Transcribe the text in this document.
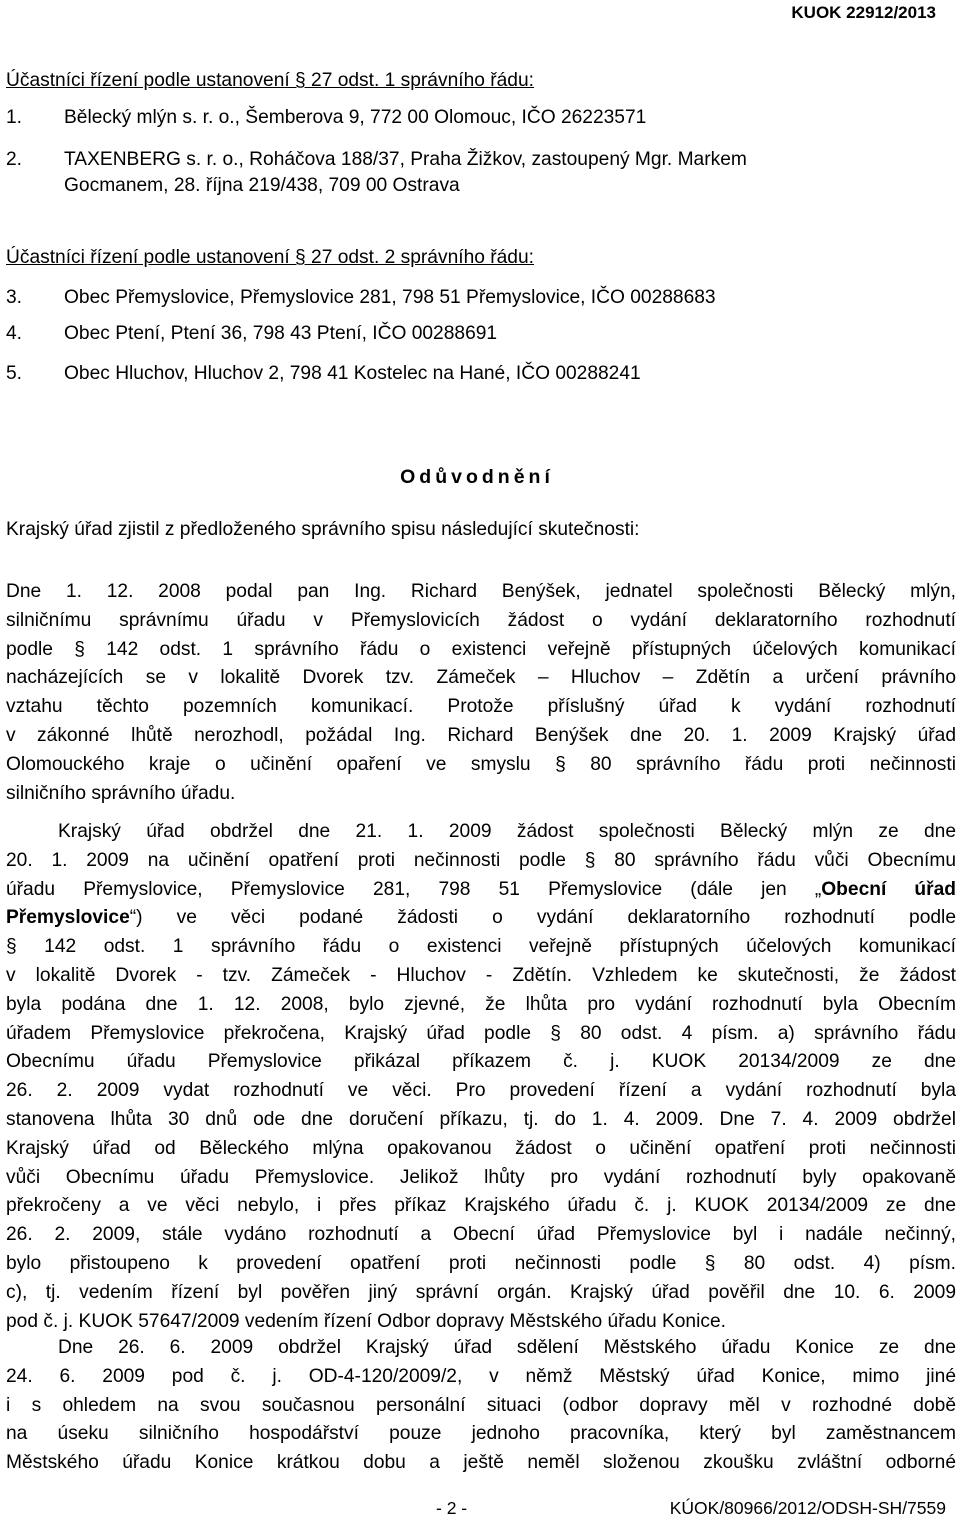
KUOK 22912/2013
Účastníci řízení podle ustanovení § 27 odst. 1 správního řádu:
1. Bělecký mlýn s. r. o., Šemberova 9, 772 00 Olomouc, IČO 26223571
2. TAXENBERG s. r. o., Roháčova 188/37, Praha Žižkov, zastoupený Mgr. Markem
Gocmanem, 28. října 219/438, 709 00 Ostrava
Účastníci řízení podle ustanovení § 27 odst. 2 správního řádu:
3. Obec Přemyslovice, Přemyslovice 281, 798 51 Přemyslovice, IČO 00288683
4. Obec Ptení, Ptení 36, 798 43 Ptení, IČO 00288691
5. Obec Hluchov, Hluchov 2, 798 41 Kostelec na Hané, IČO 00288241
Odůvodnění
Krajský úřad zjistil z předloženého správního spisu následující skutečnosti:
Dne 1. 12. 2008 podal pan Ing. Richard Benýšek, jednatel společnosti Bělecký mlýn,
silničnímu správnímu úřadu v Přemyslovicích žádost o vydání deklaratorního rozhodnutí
podle § 142 odst. 1 správního řádu o existenci veřejně přístupných účelových komunikací
nacházejících se v lokalitě Dvorek tzv. Zámeček – Hluchov – Zdětín a určení právního
vztahu těchto pozemních komunikací. Protože příslušný úřad k vydání rozhodnutí
v zákonné lhůtě nerozhodl, požádal Ing. Richard Benýšek dne 20. 1. 2009 Krajský úřad
Olomouckého kraje o učinění opaření ve smyslu § 80 správního řádu proti nečinnosti
silničního správního úřadu.
Krajský úřad obdržel dne 21. 1. 2009 žádost společnosti Bělecký mlýn ze dne
20. 1. 2009 na učinění opatření proti nečinnosti podle § 80 správního řádu vůči Obecnímu
úřadu Přemyslovice, Přemyslovice 281, 798 51 Přemyslovice (dále jen „Obecní úřad
Přemyslovice“) ve věci podané žádosti o vydání deklaratorního rozhodnutí podle
§ 142 odst. 1 správního řádu o existenci veřejně přístupných účelových komunikací
v lokalitě Dvorek - tzv. Zámeček - Hluchov - Zdětín. Vzhledem ke skutečnosti, že žádost
byla podána dne 1. 12. 2008, bylo zjevné, že lhůta pro vydání rozhodnutí byla Obecním
úřadem Přemyslovice překročena, Krajský úřad podle § 80 odst. 4 písm. a) správního řádu
Obecnímu úřadu Přemyslovice přikázal příkazem č. j. KUOK 20134/2009 ze dne
26. 2. 2009 vydat rozhodnutí ve věci. Pro provedení řízení a vydání rozhodnutí byla
stanovena lhůta 30 dnů ode dne doručení příkazu, tj. do 1. 4. 2009. Dne 7. 4. 2009 obdržel
Krajský úřad od Běleckého mlýna opakovanou žádost o učinění opatření proti nečinnosti
vůči Obecnímu úřadu Přemyslovice. Jelikož lhůty pro vydání rozhodnutí byly opakovaně
překročeny a ve věci nebylo, i přes příkaz Krajského úřadu č. j. KUOK 20134/2009 ze dne
26. 2. 2009, stále vydáno rozhodnutí a Obecní úřad Přemyslovice byl i nadále nečinný,
bylo přistoupeno k provedení opatření proti nečinnosti podle § 80 odst. 4) písm.
c), tj. vedením řízení byl pověřen jiný správní orgán. Krajský úřad pověřil dne 10. 6. 2009
pod č. j. KUOK 57647/2009 vedením řízení Odbor dopravy Městského úřadu Konice.
Dne 26. 6. 2009 obdržel Krajský úřad sdělení Městského úřadu Konice ze dne
24. 6. 2009 pod č. j. OD-4-120/2009/2, v němž Městský úřad Konice, mimo jiné
i s ohledem na svou současnou personální situaci (odbor dopravy měl v rozhodné době
na úseku silničního hospodářství pouze jednoho pracovníka, který byl zaměstnancem
Městského úřadu Konice krátkou dobu a ještě neměl složenou zkoušku zvláštní odborné
- 2 -	KÚOK/80966/2012/ODSH-SH/7559
